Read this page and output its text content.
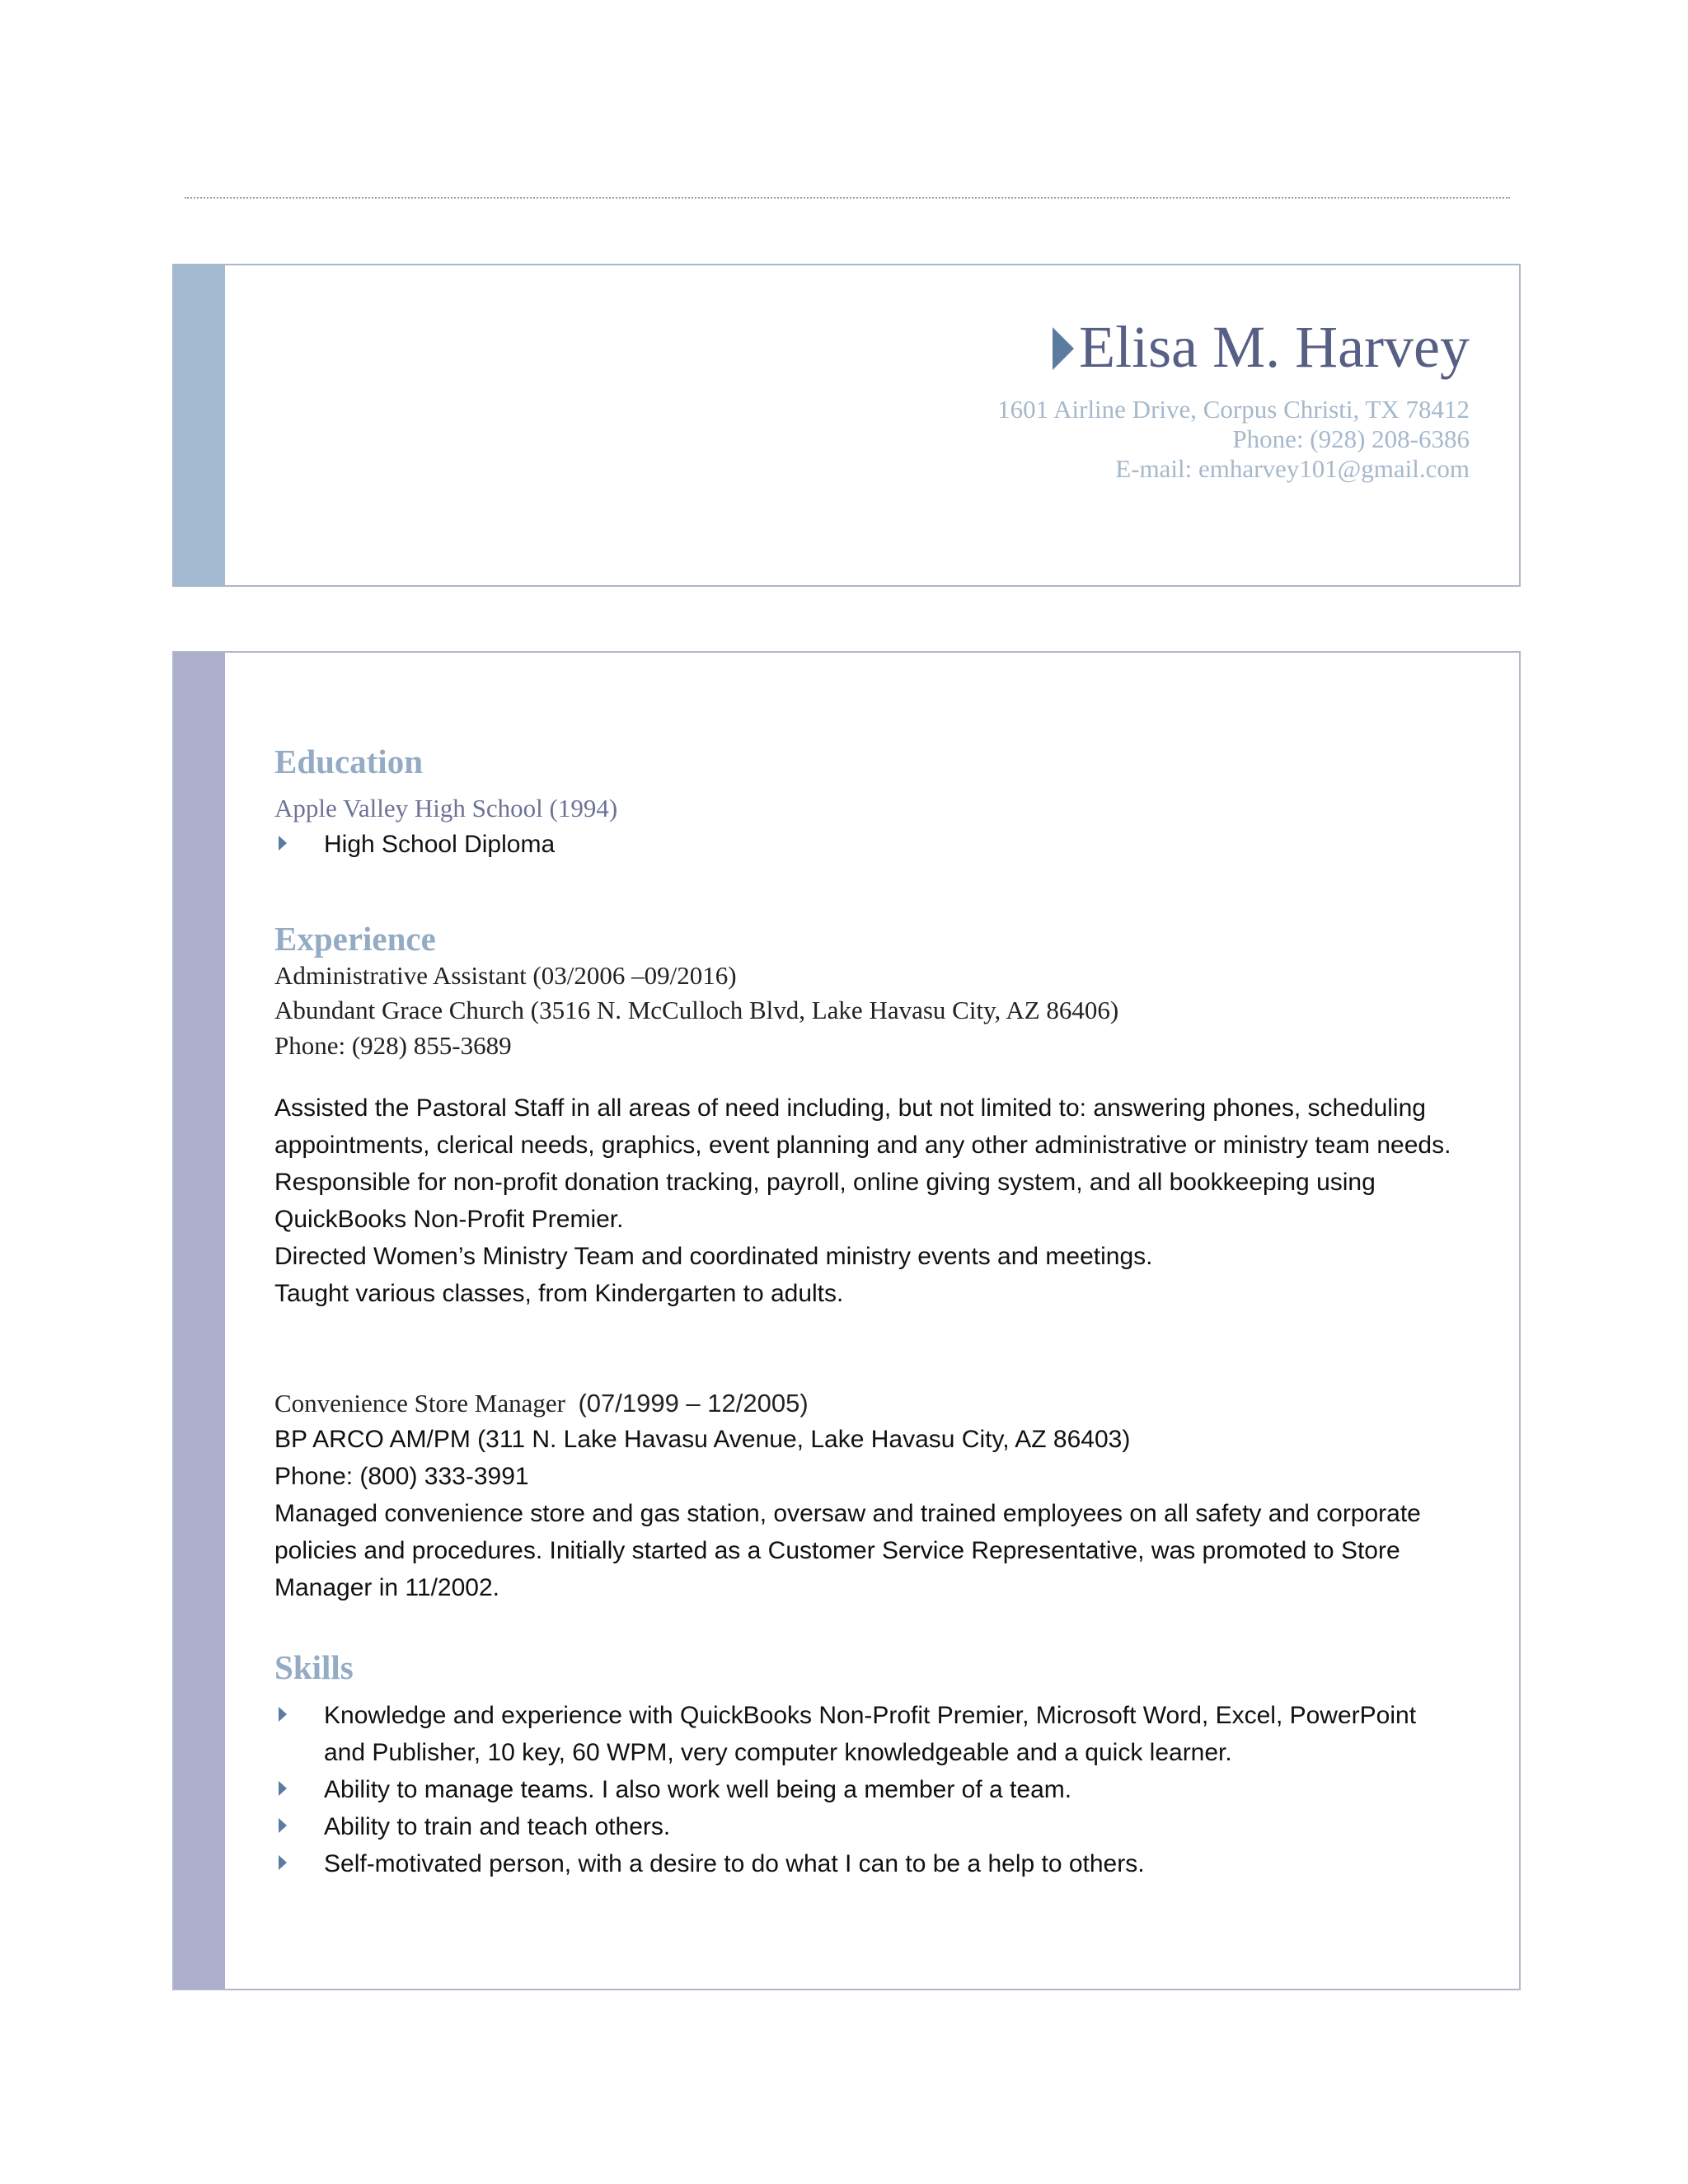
Elisa M. Harvey
1601 Airline Drive, Corpus Christi, TX 78412
Phone: (928) 208-6386
E-mail: emharvey101@gmail.com
Education
Apple Valley High School (1994)
High School Diploma
Experience
Administrative Assistant (03/2006 –09/2016)
Abundant Grace Church (3516 N. McCulloch Blvd, Lake Havasu City, AZ 86406)
Phone: (928) 855-3689
Assisted the Pastoral Staff in all areas of need including, but not limited to: answering phones, scheduling appointments, clerical needs, graphics, event planning and any other administrative or ministry team needs.
Responsible for non-profit donation tracking, payroll, online giving system, and all bookkeeping using QuickBooks Non-Profit Premier.
Directed Women’s Ministry Team and coordinated ministry events and meetings.
Taught various classes, from Kindergarten to adults.
Convenience Store Manager (07/1999 – 12/2005)
BP ARCO AM/PM (311 N. Lake Havasu Avenue, Lake Havasu City, AZ 86403)
Phone: (800) 333-3991
Managed convenience store and gas station, oversaw and trained employees on all safety and corporate policies and procedures. Initially started as a Customer Service Representative, was promoted to Store Manager in 11/2002.
Skills
Knowledge and experience with QuickBooks Non-Profit Premier, Microsoft Word, Excel, PowerPoint and Publisher, 10 key, 60 WPM, very computer knowledgeable and a quick learner.
Ability to manage teams. I also work well being a member of a team.
Ability to train and teach others.
Self-motivated person, with a desire to do what I can to be a help to others.
